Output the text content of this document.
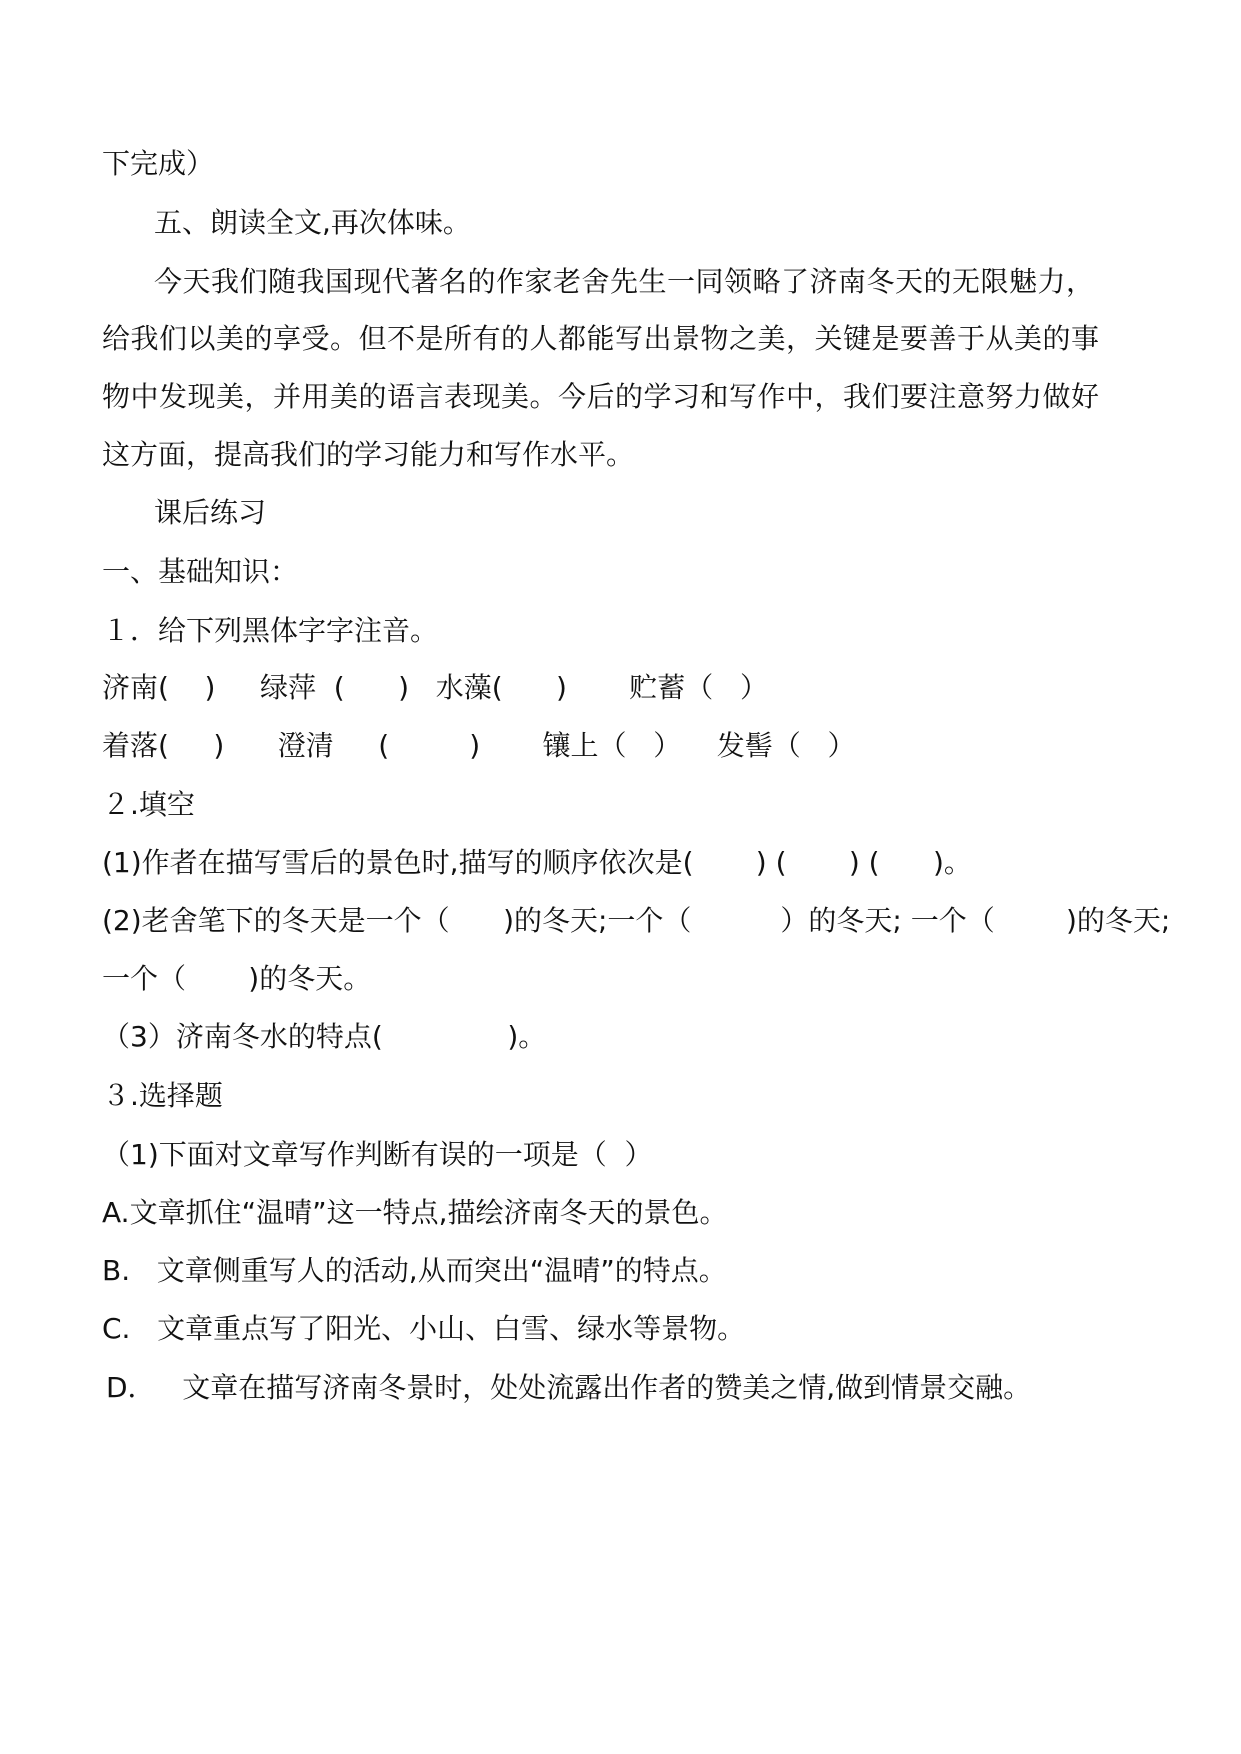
下完成）

五、朗读全文,再次体味。

今天我们随我国现代著名的作家老舍先生一同领略了济南冬天的无限魅力，

给我们以美的享受。但不是所有的人都能写出景物之美，关键是要善于从美的事

物中发现美，并用美的语言表现美。今后的学习和写作中，我们要注意努力做好

这方面，提高我们的学习能力和写作水平。

课后练习

一、基础知识：

１．给下列黑体字字注音。

济南(    )     绿萍  (      )   水藻(      )       贮蓄（   ）

着落(     )      澄清     (         )       镶上（   ）    发髻（   ）

２.填空

(1)作者在描写雪后的景色时,描写的顺序依次是(       ) (       ) (      )。

(2)老舍笔下的冬天是一个（      )的冬天;一个（          ）的冬天; 一个（        )的冬天;

一个（       )的冬天。

（3）济南冬水的特点(              )。

３.选择题

（1)下面对文章写作判断有误的一项是（  ）

A.文章抓住“温晴”这一特点,描绘济南冬天的景色。

B.   文章侧重写人的活动,从而突出“温晴”的特点。

C.   文章重点写了阳光、小山、白雪、绿水等景物。

D．   文章在描写济南冬景时，处处流露出作者的赞美之情,做到情景交融。
